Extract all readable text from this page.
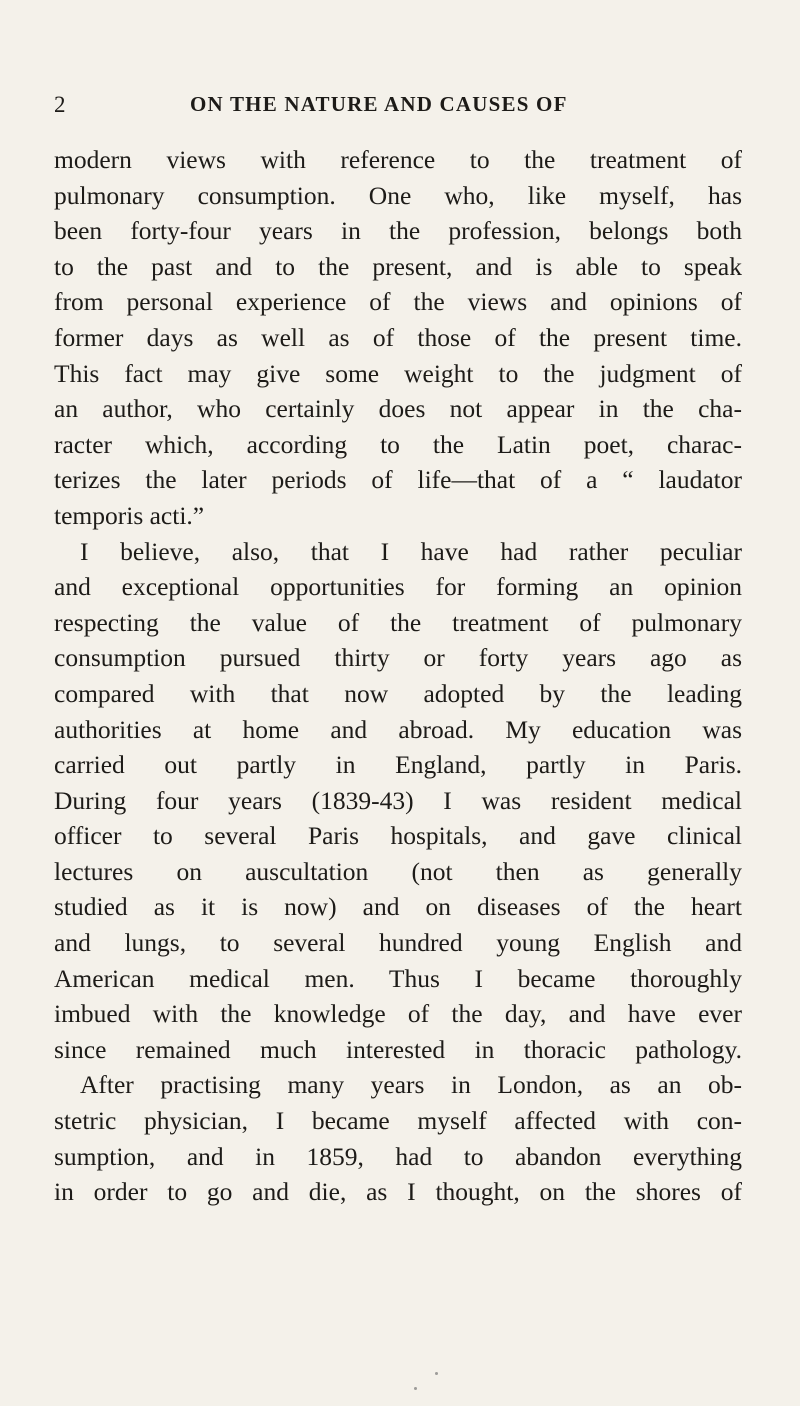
2	ON THE NATURE AND CAUSES OF
modern views with reference to the treatment of
pulmonary consumption. One who, like myself, has
been forty-four years in the profession, belongs both
to the past and to the present, and is able to speak
from personal experience of the views and opinions of
former days as well as of those of the present time.
This fact may give some weight to the judgment of
an author, who certainly does not appear in the cha-
racter which, according to the Latin poet, charac-
terizes the later periods of life—that of a “ laudator
temporis acti.”
I believe, also, that I have had rather peculiar
and exceptional opportunities for forming an opinion
respecting the value of the treatment of pulmonary
consumption pursued thirty or forty years ago as
compared with that now adopted by the leading
authorities at home and abroad. My education was
carried out partly in England, partly in Paris.
During four years (1839-43) I was resident medical
officer to several Paris hospitals, and gave clinical
lectures on auscultation (not then as generally
studied as it is now) and on diseases of the heart
and lungs, to several hundred young English and
American medical men. Thus I became thoroughly
imbued with the knowledge of the day, and have ever
since remained much interested in thoracic pathology.
After practising many years in London, as an ob-
stetric physician, I became myself affected with con-
sumption, and in 1859, had to abandon everything
in order to go and die, as I thought, on the shores of
